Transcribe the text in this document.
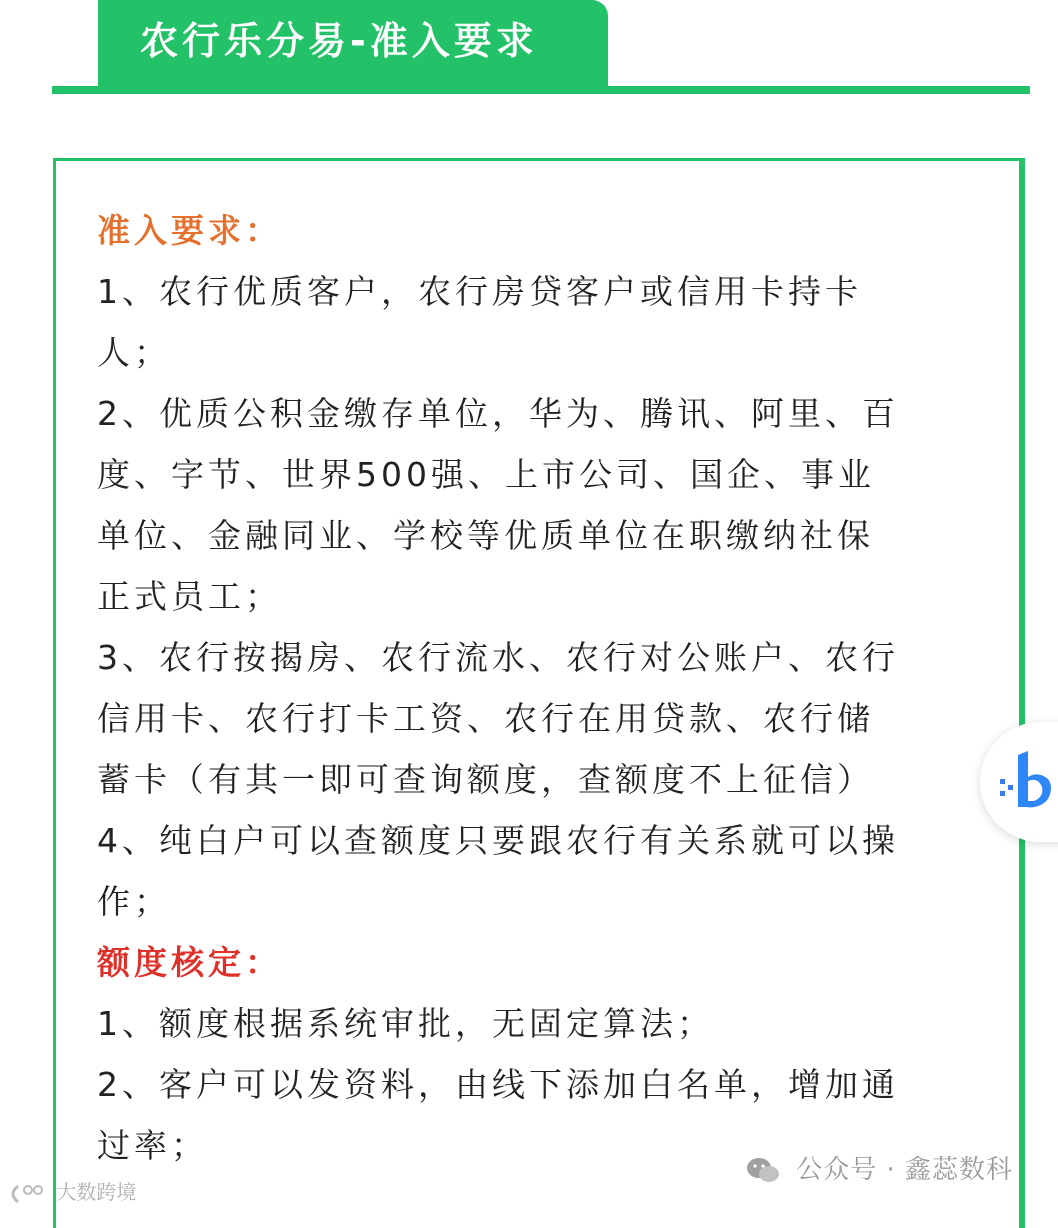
农行乐分易-准入要求
准入要求：
1、农行优质客户，农行房贷客户或信用卡持卡
人；
2、优质公积金缴存单位，华为、腾讯、阿里、百
度、字节、世界500强、上市公司、国企、事业
单位、金融同业、学校等优质单位在职缴纳社保
正式员工；
3、农行按揭房、农行流水、农行对公账户、农行
信用卡、农行打卡工资、农行在用贷款、农行储
蓄卡（有其一即可查询额度，查额度不上征信）
4、纯白户可以查额度只要跟农行有关系就可以操
作；
额度核定：
1、额度根据系统审批，无固定算法；
2、客户可以发资料，由线下添加白名单，增加通
过率；
公众号 · 鑫蕊数科
大数跨境
